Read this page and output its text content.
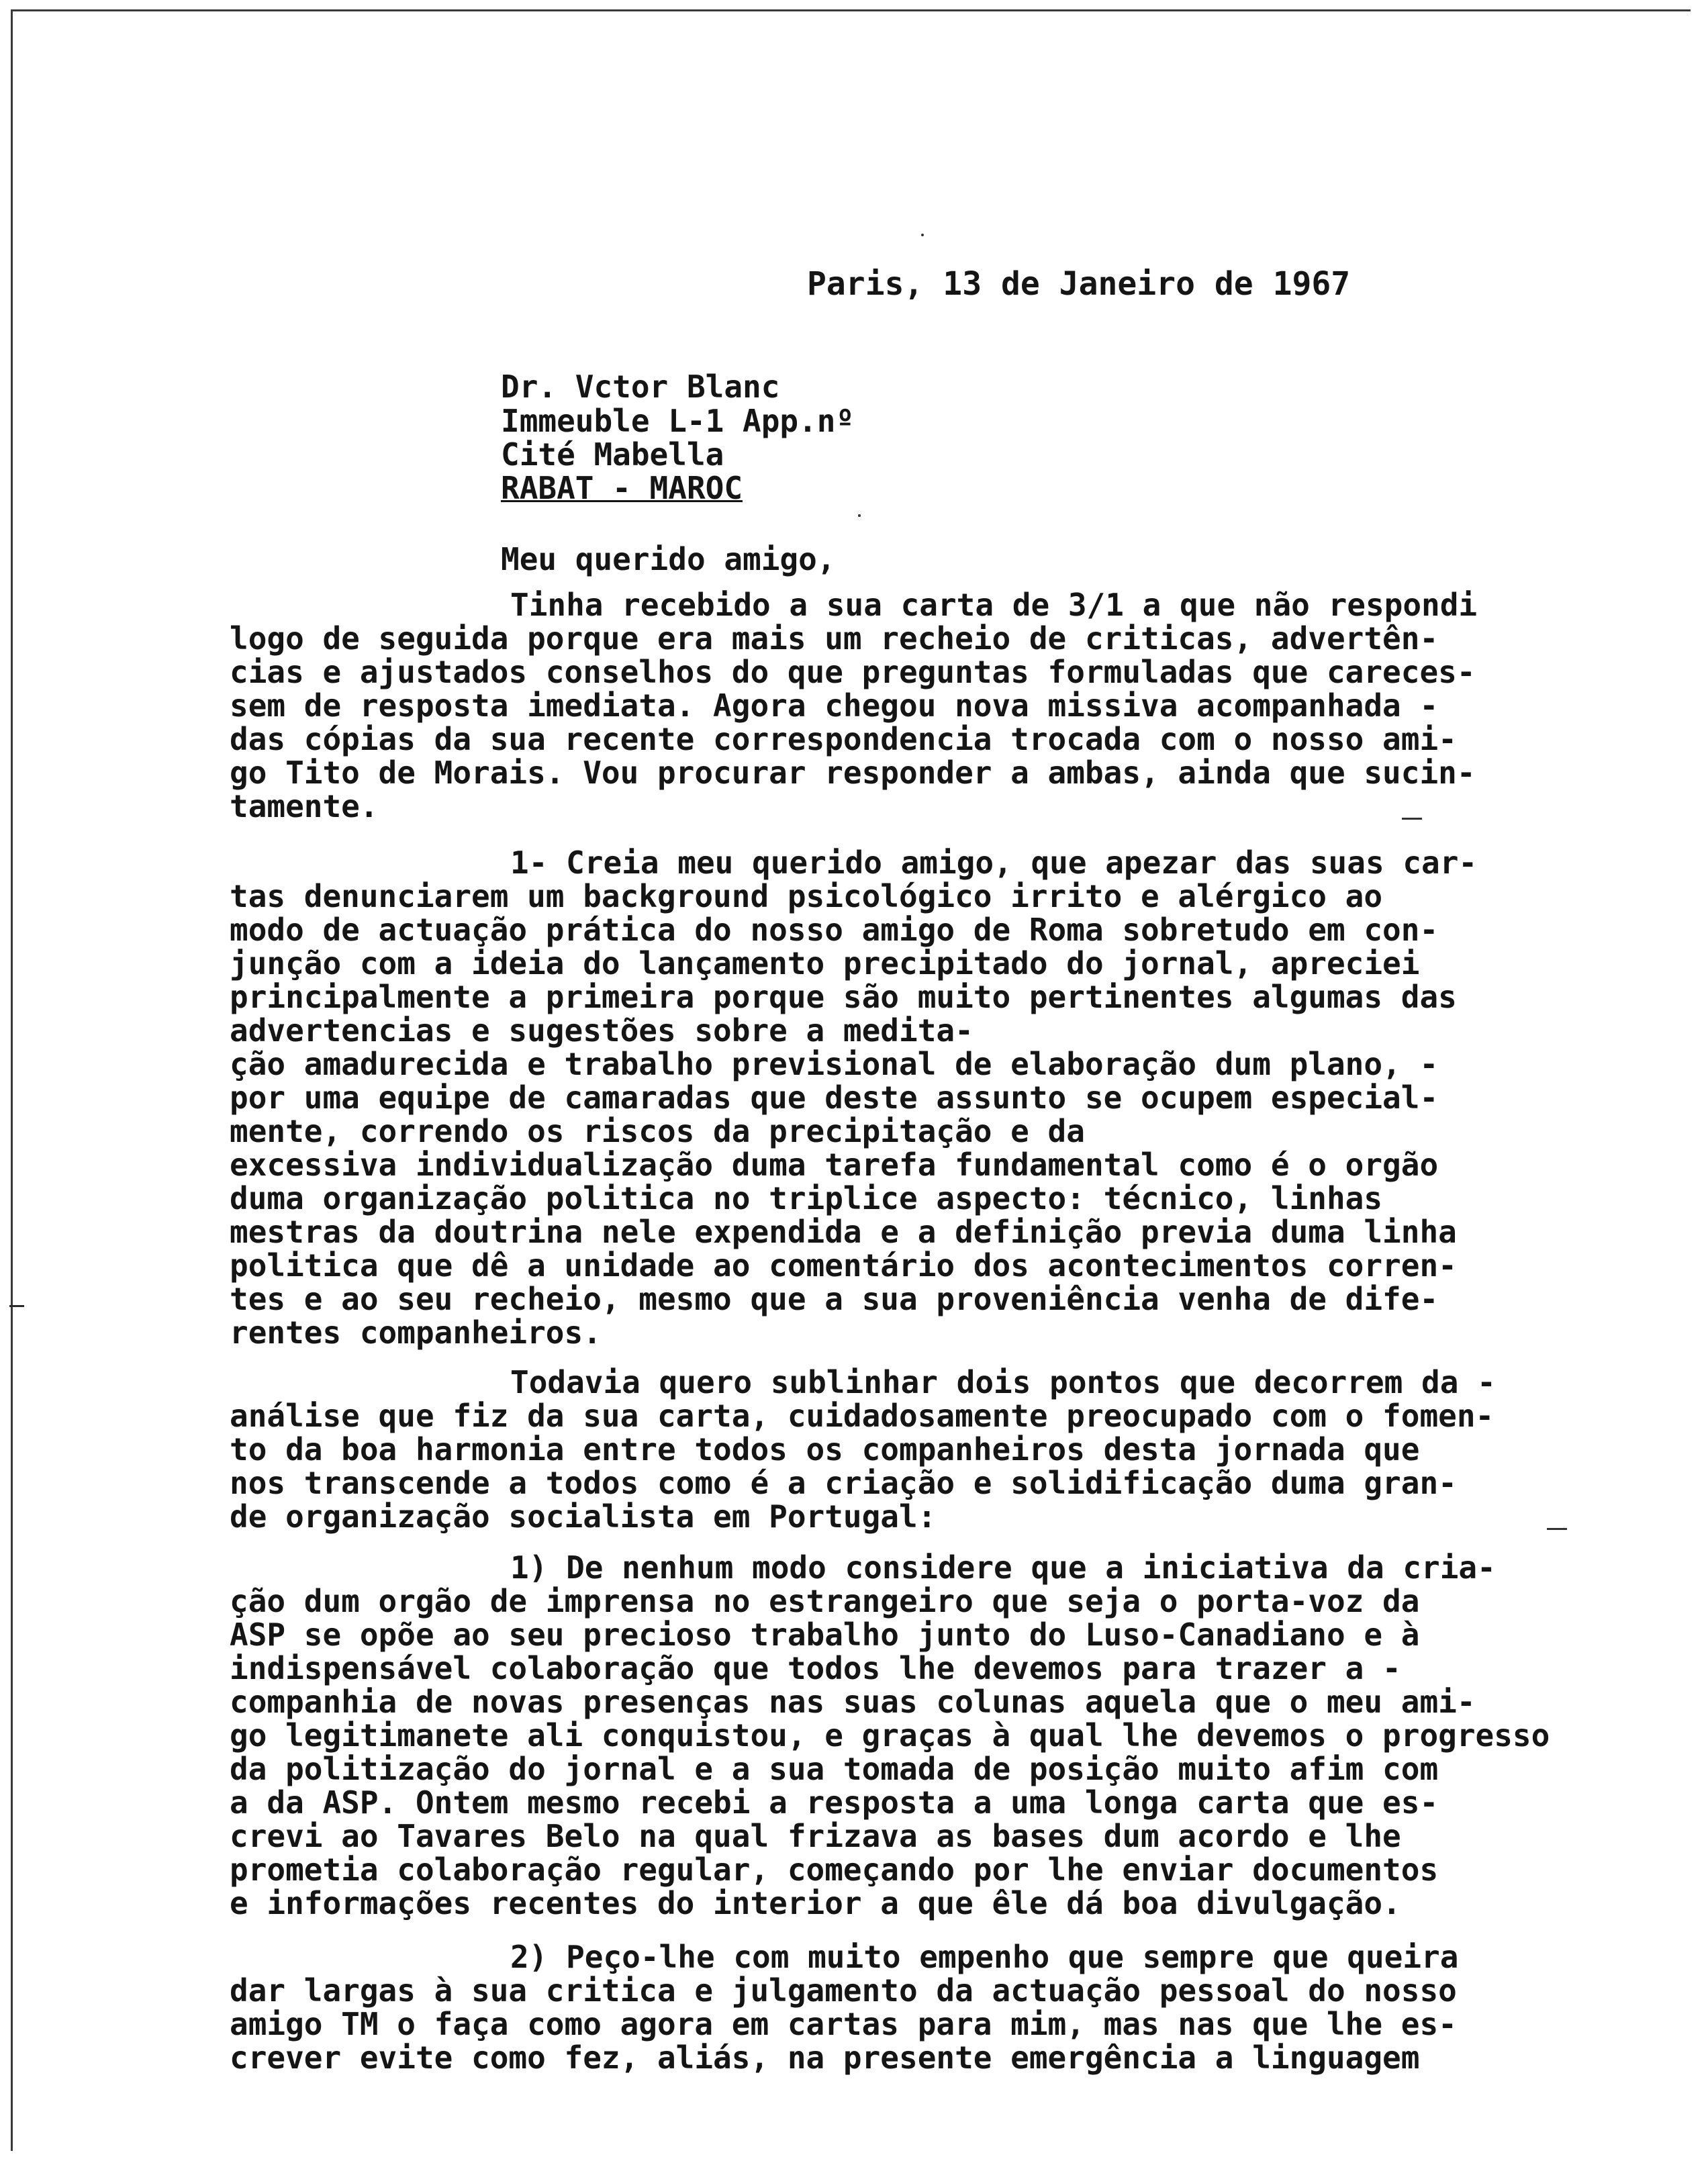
Paris, 13 de Janeiro de 1967
Dr. Vctor Blanc
Immeuble L-1 App.nº
Cité Mabella
RABAT - MAROC
Meu querido amigo,
Tinha recebido a sua carta de 3/1 a que não respondi
logo de seguida porque era mais um recheio de criticas, advertên-
cias e ajustados conselhos do que preguntas formuladas que careces-
sem de resposta imediata. Agora chegou nova missiva acompanhada -
das cópias da sua recente correspondencia trocada com o nosso ami-
go Tito de Morais. Vou procurar responder a ambas, ainda que sucin-
tamente.
1- Creia meu querido amigo, que apezar das suas car-
tas denunciarem um background psicológico irrito e alérgico ao
modo de actuação prática do nosso amigo de Roma sobretudo em con-
junção com a ideia do lançamento precipitado do jornal, apreciei
principalmente a primeira porque são muito pertinentes algumas das
advertencias e sugestões sobre a medita-
ção amadurecida e trabalho previsional de elaboração dum plano, -
por uma equipe de camaradas que deste assunto se ocupem especial-
mente, correndo os riscos da precipitação e da
excessiva individualização duma tarefa fundamental como é o orgão
duma organização politica no triplice aspecto: técnico, linhas
mestras da doutrina nele expendida e a definição previa duma linha
politica que dê a unidade ao comentário dos acontecimentos corren-
tes e ao seu recheio, mesmo que a sua proveniência venha de dife-
rentes companheiros.
Todavia quero sublinhar dois pontos que decorrem da -
análise que fiz da sua carta, cuidadosamente preocupado com o fomen-
to da boa harmonia entre todos os companheiros desta jornada que
nos transcende a todos como é a criação e solidificação duma gran-
de organização socialista em Portugal:
1) De nenhum modo considere que a iniciativa da cria-
ção dum orgão de imprensa no estrangeiro que seja o porta-voz da
ASP se opõe ao seu precioso trabalho junto do Luso-Canadiano e à
indispensável colaboração que todos lhe devemos para trazer a -
companhia de novas presenças nas suas colunas aquela que o meu ami-
go legitimanete ali conquistou, e graças à qual lhe devemos o progresso
da politização do jornal e a sua tomada de posição muito afim com
a da ASP. Ontem mesmo recebi a resposta a uma longa carta que es-
crevi ao Tavares Belo na qual frizava as bases dum acordo e lhe
prometia colaboração regular, começando por lhe enviar documentos
e informações recentes do interior a que êle dá boa divulgação.
2) Peço-lhe com muito empenho que sempre que queira
dar largas à sua critica e julgamento da actuação pessoal do nosso
amigo TM o faça como agora em cartas para mim, mas nas que lhe es-
crever evite como fez, aliás, na presente emergência a linguagem
